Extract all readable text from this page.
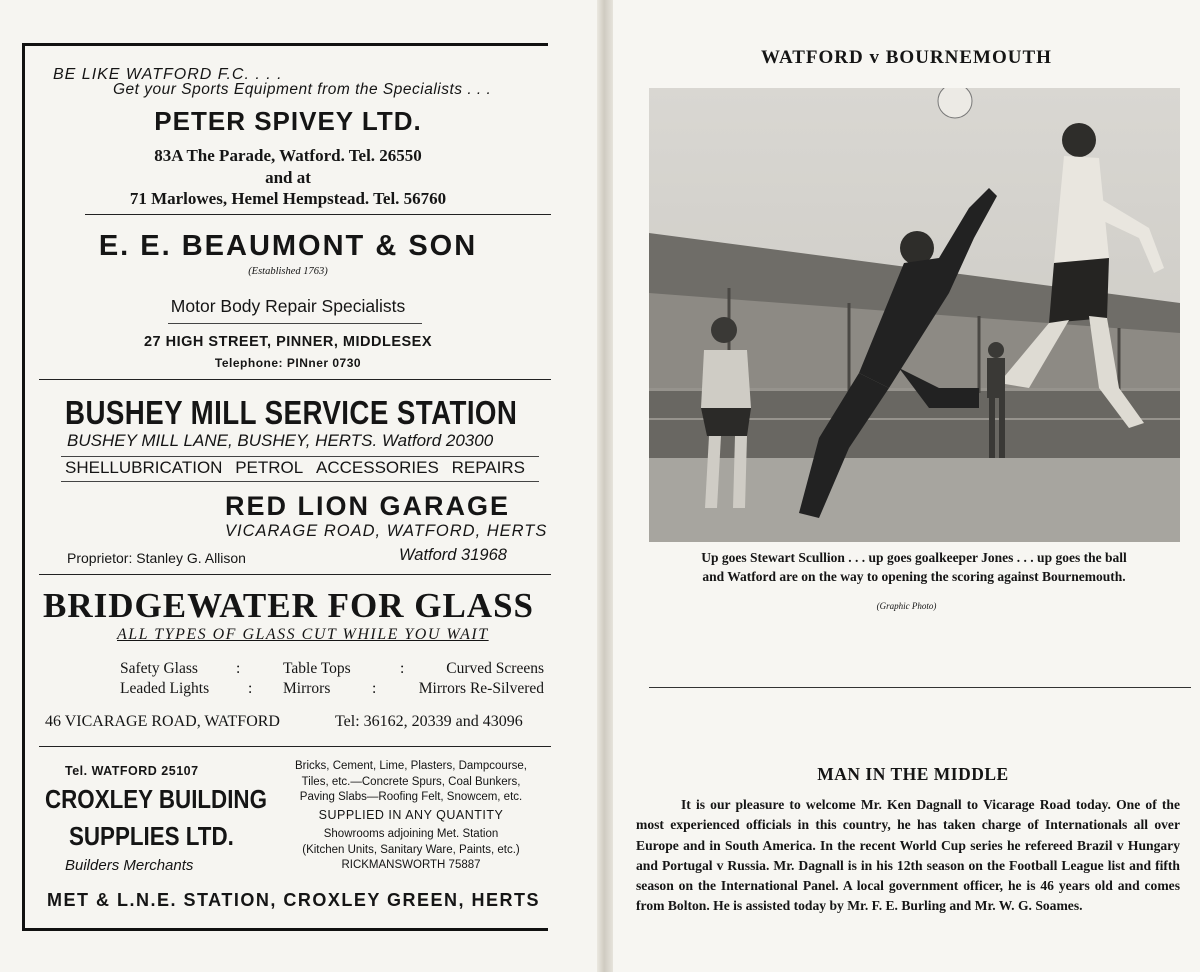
BE LIKE WATFORD F.C. . . .
Get your Sports Equipment from the Specialists . . .
PETER SPIVEY LTD.
83A The Parade, Watford. Tel. 26550
and at
71 Marlowes, Hemel Hempstead. Tel. 56760
E. E. BEAUMONT & SON
(Established 1763)
Motor Body Repair Specialists
27 HIGH STREET, PINNER, MIDDLESEX
Telephone: PINner 0730
BUSHEY MILL SERVICE STATION
BUSHEY MILL LANE, BUSHEY, HERTS. Watford 20300
SHELLUBRICATION PETROL ACCESSORIES REPAIRS
RED LION GARAGE
VICARAGE ROAD, WATFORD, HERTS
Proprietor: Stanley G. Allison	Watford 31968
BRIDGEWATER FOR GLASS
ALL TYPES OF GLASS CUT WHILE YOU WAIT
Safety Glass :	Table Tops	:	Curved Screens
Leaded Lights	: Mirrors	:	Mirrors Re-Silvered
46 VICARAGE ROAD, WATFORD	Tel: 36162, 20339 and 43096
Tel. WATFORD 25107
CROXLEY BUILDING
SUPPLIES LTD.
Builders Merchants
Bricks, Cement, Lime, Plasters, Dampcourse,
Tiles, etc.—Concrete Spurs, Coal Bunkers,
Paving Slabs—Roofing Felt, Snowcem, etc.
SUPPLIED IN ANY QUANTITY
Showrooms adjoining Met. Station
(Kitchen Units, Sanitary Ware, Paints, etc.)
RICKMANSWORTH 75887
MET & L.N.E. STATION, CROXLEY GREEN, HERTS
WATFORD v BOURNEMOUTH
Up goes Stewart Scullion . . . up goes goalkeeper Jones . . . up goes the ball
and Watford are on the way to opening the scoring against Bournemouth.
(Graphic Photo)
MAN IN THE MIDDLE

It is our pleasure to welcome Mr. Ken Dagnall to Vicarage Road today. One of the most experienced officials in this country, he has taken charge of Internationals all over Europe and in South America. In the recent World Cup series he refereed Brazil v Hungary and Portugal v Russia. Mr. Dagnall is in his 12th season on the Football League list and fifth season on the International Panel. A local government officer, he is 46 years old and comes from Bolton. He is assisted today by Mr. F. E. Burling and Mr. W. G. Soames.
